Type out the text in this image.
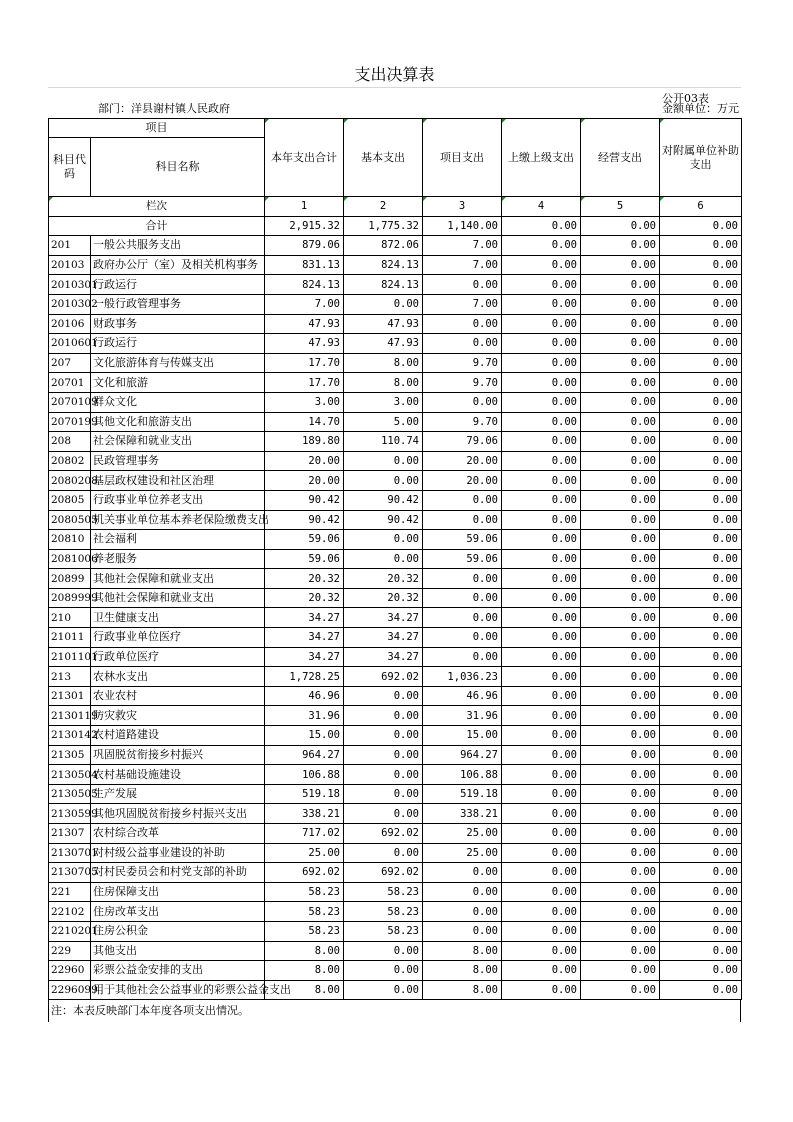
支出决算表
部门：洋县谢村镇人民政府
公开03表
金额单位：万元
项目		本年支出合计	基本支出	项目支出	上缴上级支出	经营支出	对附属单位补助支出
科目代码	科目名称						
栏次		1	2	3	4	5	6
合计		2,915.32	1,775.32	1,140.00	0.00	0.00	0.00
201	一般公共服务支出	879.06	872.06	7.00	0.00	0.00	0.00
20103	政府办公厅（室）及相关机构事务	831.13	824.13	7.00	0.00	0.00	0.00
2010301	行政运行	824.13	824.13	0.00	0.00	0.00	0.00
2010302	一般行政管理事务	7.00	0.00	7.00	0.00	0.00	0.00
20106	财政事务	47.93	47.93	0.00	0.00	0.00	0.00
2010601	行政运行	47.93	47.93	0.00	0.00	0.00	0.00
207	文化旅游体育与传媒支出	17.70	8.00	9.70	0.00	0.00	0.00
20701	文化和旅游	17.70	8.00	9.70	0.00	0.00	0.00
2070109	群众文化	3.00	3.00	0.00	0.00	0.00	0.00
2070199	其他文化和旅游支出	14.70	5.00	9.70	0.00	0.00	0.00
208	社会保障和就业支出	189.80	110.74	79.06	0.00	0.00	0.00
20802	民政管理事务	20.00	0.00	20.00	0.00	0.00	0.00
2080208	基层政权建设和社区治理	20.00	0.00	20.00	0.00	0.00	0.00
20805	行政事业单位养老支出	90.42	90.42	0.00	0.00	0.00	0.00
2080505	机关事业单位基本养老保险缴费支出	90.42	90.42	0.00	0.00	0.00	0.00
20810	社会福利	59.06	0.00	59.06	0.00	0.00	0.00
2081006	养老服务	59.06	0.00	59.06	0.00	0.00	0.00
20899	其他社会保障和就业支出	20.32	20.32	0.00	0.00	0.00	0.00
2089999	其他社会保障和就业支出	20.32	20.32	0.00	0.00	0.00	0.00
210	卫生健康支出	34.27	34.27	0.00	0.00	0.00	0.00
21011	行政事业单位医疗	34.27	34.27	0.00	0.00	0.00	0.00
2101101	行政单位医疗	34.27	34.27	0.00	0.00	0.00	0.00
213	农林水支出	1,728.25	692.02	1,036.23	0.00	0.00	0.00
21301	农业农村	46.96	0.00	46.96	0.00	0.00	0.00
2130119	防灾救灾	31.96	0.00	31.96	0.00	0.00	0.00
2130142	农村道路建设	15.00	0.00	15.00	0.00	0.00	0.00
21305	巩固脱贫衔接乡村振兴	964.27	0.00	964.27	0.00	0.00	0.00
2130504	农村基础设施建设	106.88	0.00	106.88	0.00	0.00	0.00
2130505	生产发展	519.18	0.00	519.18	0.00	0.00	0.00
2130599	其他巩固脱贫衔接乡村振兴支出	338.21	0.00	338.21	0.00	0.00	0.00
21307	农村综合改革	717.02	692.02	25.00	0.00	0.00	0.00
2130701	对村级公益事业建设的补助	25.00	0.00	25.00	0.00	0.00	0.00
2130705	对村民委员会和村党支部的补助	692.02	692.02	0.00	0.00	0.00	0.00
221	住房保障支出	58.23	58.23	0.00	0.00	0.00	0.00
22102	住房改革支出	58.23	58.23	0.00	0.00	0.00	0.00
2210201	住房公积金	58.23	58.23	0.00	0.00	0.00	0.00
229	其他支出	8.00	0.00	8.00	0.00	0.00	0.00
22960	彩票公益金安排的支出	8.00	0.00	8.00	0.00	0.00	0.00
2296099	用于其他社会公益事业的彩票公益金支出	8.00	0.00	8.00	0.00	0.00	0.00
注：本表反映部门本年度各项支出情况。
